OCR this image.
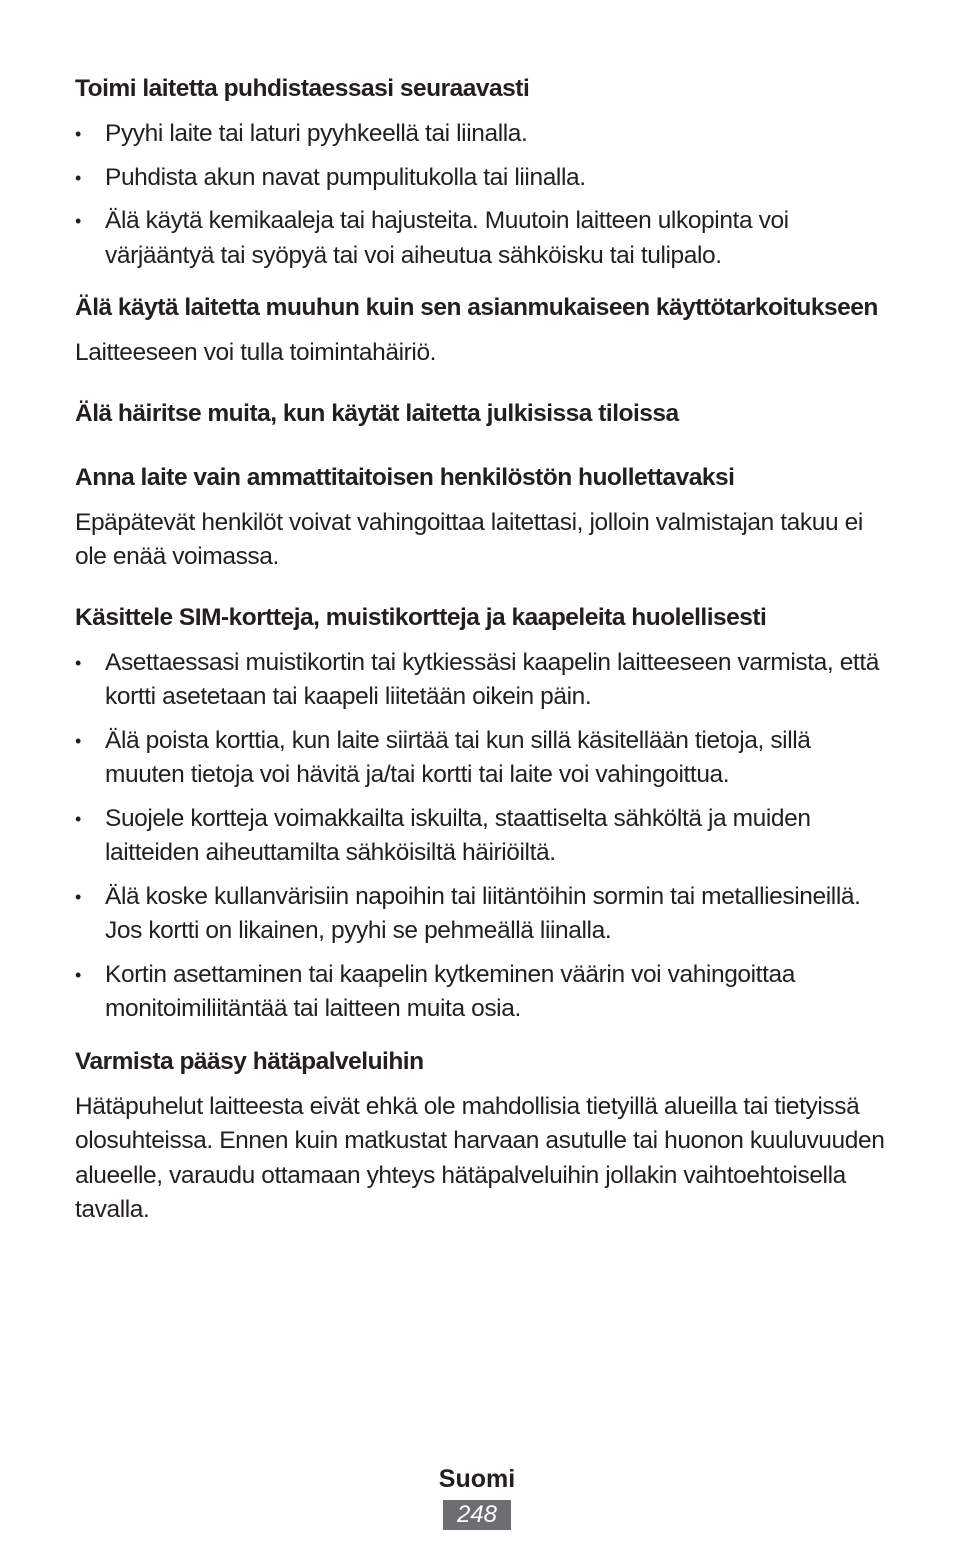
Toimi laitetta puhdistaessasi seuraavasti
• Pyyhi laite tai laturi pyyhkeellä tai liinalla.
• Puhdista akun navat pumpulitukolla tai liinalla.
• Älä käytä kemikaaleja tai hajusteita. Muutoin laitteen ulkopinta voi värjääntyä tai syöpyä tai voi aiheutua sähköisku tai tulipalo.
Älä käytä laitetta muuhun kuin sen asianmukaiseen käyttötarkoitukseen

Laitteeseen voi tulla toimintahäiriö.

Älä häiritse muita, kun käytät laitetta julkisissa tiloissa
Anna laite vain ammattitaitoisen henkilöstön huollettavaksi

Epäpätevät henkilöt voivat vahingoittaa laitettasi, jolloin valmistajan takuu ei ole enää voimassa.

Käsittele SIM-kortteja, muistikortteja ja kaapeleita huolellisesti
• Asettaessasi muistikortin tai kytkiessäsi kaapelin laitteeseen varmista, että kortti asetetaan tai kaapeli liitetään oikein päin.
• Älä poista korttia, kun laite siirtää tai kun sillä käsitellään tietoja, sillä muuten tietoja voi hävitä ja/tai kortti tai laite voi vahingoittua.
• Suojele kortteja voimakkailta iskuilta, staattiselta sähköltä ja muiden laitteiden aiheuttamilta sähköisiltä häiriöiltä.
• Älä koske kullanvärisiin napoihin tai liitäntöihin sormin tai metalliesineillä. Jos kortti on likainen, pyyhi se pehmeällä liinalla.
• Kortin asettaminen tai kaapelin kytkeminen väärin voi vahingoittaa monitoimiliitäntää tai laitteen muita osia.
Varmista pääsy hätäpalveluihin

Hätäpuhelut laitteesta eivät ehkä ole mahdollisia tietyillä alueilla tai tietyissä olosuhteissa. Ennen kuin matkustat harvaan asutulle tai huonon kuuluvuuden alueelle, varaudu ottamaan yhteys hätäpalveluihin jollakin vaihtoehtoisella tavalla.

Suomi
248
